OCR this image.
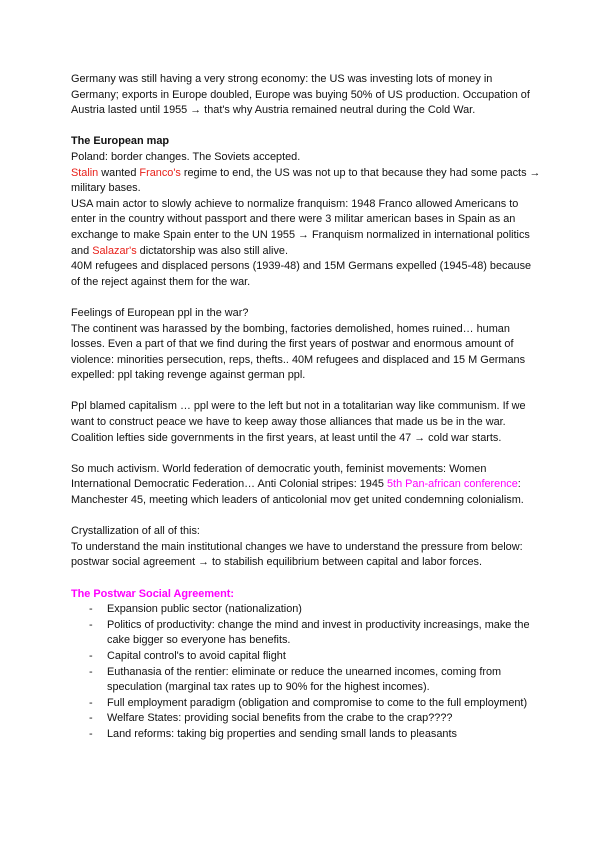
Germany was still having a very strong economy: the US was investing lots of money in Germany; exports in Europe doubled, Europe was buying 50% of US production. Occupation of Austria lasted until 1955 → that's why Austria remained neutral during the Cold War.

The European map

Poland: border changes. The Soviets accepted.

Stalin wanted Franco's regime to end, the US was not up to that because they had some pacts → military bases.

USA main actor to slowly achieve to normalize franquism: 1948 Franco allowed Americans to enter in the country without passport and there were 3 militar american bases in Spain as an exchange to make Spain enter to the UN 1955 → Franquism normalized in international politics and Salazar's dictatorship was also still alive.

40M refugees and displaced persons (1939-48) and 15M Germans expelled (1945-48) because of the reject against them for the war.

Feelings of European ppl in the war?

The continent was harassed by the bombing, factories demolished, homes ruined… human losses. Even a part of that we find during the first years of postwar and enormous amount of violence: minorities persecution, reps, thefts.. 40M refugees and displaced and 15 M Germans expelled: ppl taking revenge against german ppl.

Ppl blamed capitalism … ppl were to the left but not in a totalitarian way like communism. If we want to construct peace we have to keep away those alliances that made us be in the war.

Coalition lefties side governments in the first years, at least until the 47 → cold war starts.

So much activism. World federation of democratic youth, feminist movements: Women International Democratic Federation… Anti Colonial stripes: 1945 5th Pan-african conference: Manchester 45, meeting which leaders of anticolonial mov get united condemning colonialism.

Crystallization of all of this:

To understand the main institutional changes we have to understand the pressure from below: postwar social agreement → to stabilish equilibrium between capital and labor forces.

The Postwar Social Agreement:

- Expansion public sector (nationalization)
- Politics of productivity: change the mind and invest in productivity increasings, make the cake bigger so everyone has benefits.
- Capital control's to avoid capital flight
- Euthanasia of the rentier: eliminate or reduce the unearned incomes, coming from speculation (marginal tax rates up to 90% for the highest incomes).
- Full employment paradigm (obligation and compromise to come to the full employment)
- Welfare States: providing social benefits from the crabe to the crap????
- Land reforms: taking big properties and sending small lands to pleasants
